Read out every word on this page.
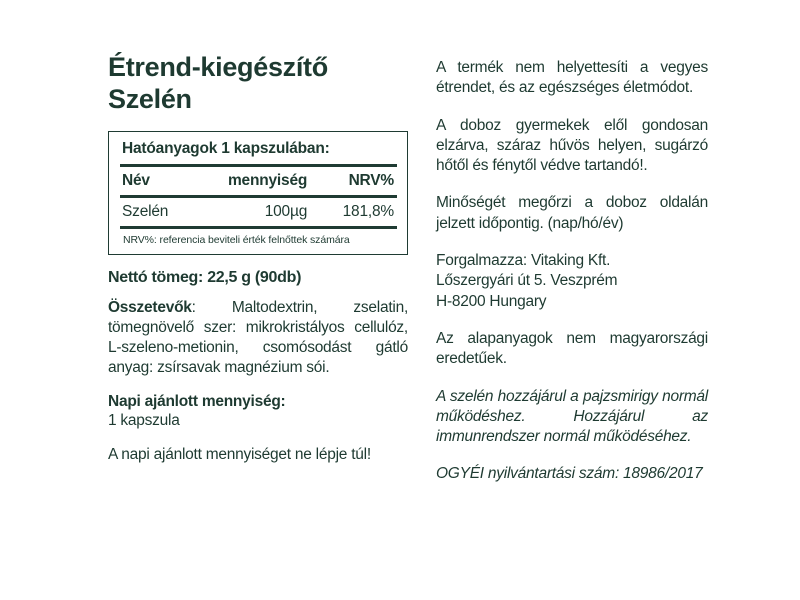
Étrend-kiegészítő
Szelén
Hatóanyagok 1 kapszulában:
Név	mennyiség	NRV%

Szelén	100µg	181,8%

NRV%: referencia beviteli érték felnőttek számára
Nettó tömeg: 22,5 g (90db)

Összetevők: Maltodextrin, zselatin, tömegnövelő szer: mikrokristályos cellulóz, L-szeleno-metionin, csomósodást gátló anyag: zsírsavak magnézium sói.

Napi ajánlott mennyiség:
1 kapszula

A napi ajánlott mennyiséget ne lépje túl!

A termék nem helyettesíti a vegyes étrendet, és az egészséges életmódot.

A doboz gyermekek elől gondosan elzárva, száraz hűvös helyen, sugárzó hőtől és fénytől védve tartandó!.

Minőségét megőrzi a doboz oldalán jelzett időpontig. (nap/hó/év)

Forgalmazza: Vitaking Kft.
Lőszergyári út 5. Veszprém
H-8200 Hungary

Az alapanyagok nem magyarországi eredetűek.

A szelén hozzájárul a pajzsmirigy normál működéshez. Hozzájárul az immunrendszer normál működéséhez.

OGYÉI nyilvántartási szám: 18986/2017
